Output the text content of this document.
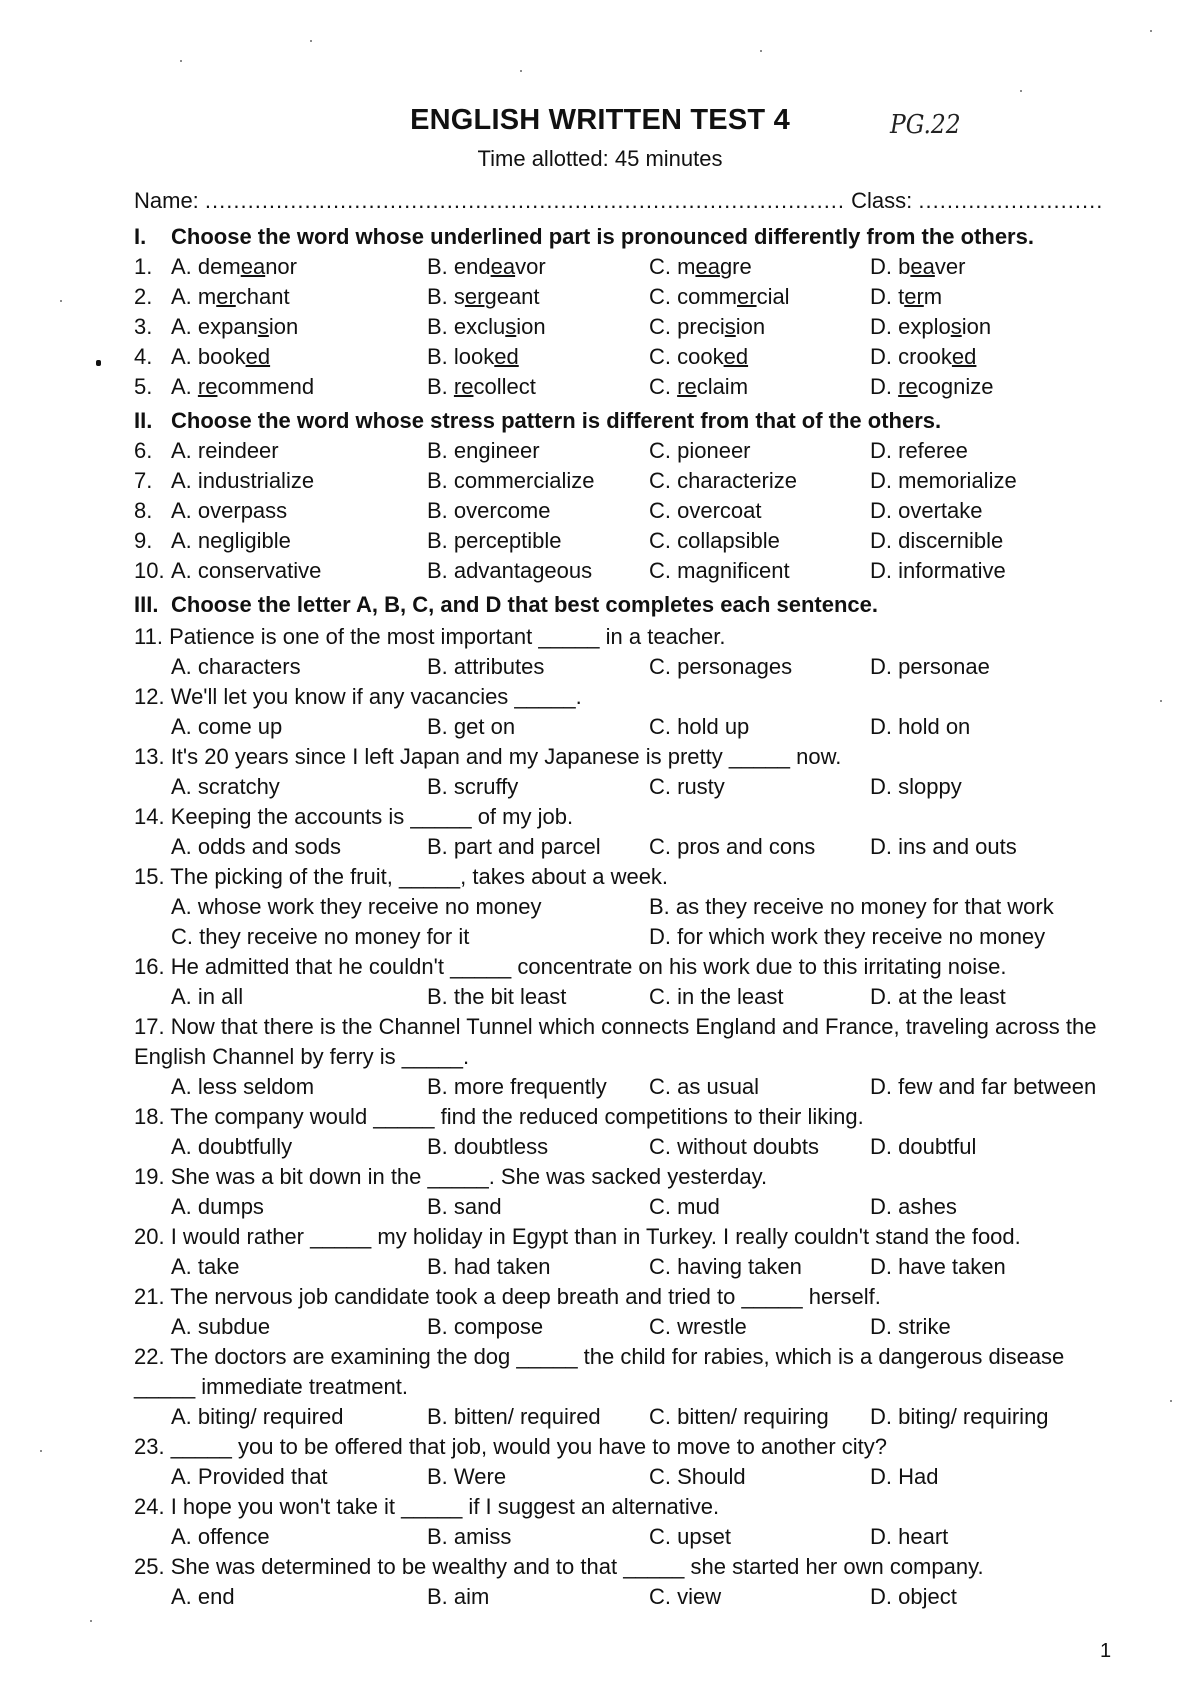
ENGLISH WRITTEN TEST 4	PG.22
Time allotted: 45 minutes
Name: .......................................................................................... Class: ..........................
I.	Choose the word whose underlined part is pronounced differently from the others.
1. A. demeanor	B. endeavor	C. meagre	D. beaver
2. A. merchant	B. sergeant	C. commercial	D. term
3. A. expansion	B. exclusion	C. precision	D. explosion
4. A. booked	B. looked	C. cooked	D. crooked
5. A. recommend	B. recollect	C. reclaim	D. recognize
II. Choose the word whose stress pattern is different from that of the others.
6. A. reindeer	B. engineer	C. pioneer	D. referee
7. A. industrialize	B. commercialize	C. characterize	D. memorialize
8. A. overpass	B. overcome	C. overcoat	D. overtake
9. A. negligible	B. perceptible	C. collapsible	D. discernible
10. A. conservative	B. advantageous	C. magnificent	D. informative
III. Choose the letter A, B, C, and D that best completes each sentence.
11. Patience is one of the most important _____ in a teacher.
A. characters	B. attributes	C. personages	D. personae
12. We'll let you know if any vacancies _____.
A. come up	B. get on	C. hold up	D. hold on
13. It's 20 years since I left Japan and my Japanese is pretty _____ now.
A. scratchy	B. scruffy	C. rusty	D. sloppy
14. Keeping the accounts is _____ of my job.
A. odds and sods	B. part and parcel	C. pros and cons	D. ins and outs
15. The picking of the fruit, _____, takes about a week.
A. whose work they receive no money	B. as they receive no money for that work
C. they receive no money for it	D. for which work they receive no money
16. He admitted that he couldn't _____ concentrate on his work due to this irritating noise.
A. in all	B. the bit least	C. in the least	D. at the least
17. Now that there is the Channel Tunnel which connects England and France, traveling across the
English Channel by ferry is _____.
A. less seldom	B. more frequently	C. as usual	D. few and far between
18. The company would _____ find the reduced competitions to their liking.
A. doubtfully	B. doubtless	C. without doubts	D. doubtful
19. She was a bit down in the _____. She was sacked yesterday.
A. dumps	B. sand	C. mud	D. ashes
20. I would rather _____ my holiday in Egypt than in Turkey. I really couldn't stand the food.
A. take	B. had taken	C. having taken	D. have taken
21. The nervous job candidate took a deep breath and tried to _____ herself.
A. subdue	B. compose	C. wrestle	D. strike
22. The doctors are examining the dog _____ the child for rabies, which is a dangerous disease
_____ immediate treatment.
A. biting/ required	B. bitten/ required	C. bitten/ requiring	D. biting/ requiring
23. _____ you to be offered that job, would you have to move to another city?
A. Provided that	B. Were	C. Should	D. Had
24. I hope you won't take it _____ if I suggest an alternative.
A. offence	B. amiss	C. upset	D. heart
25. She was determined to be wealthy and to that _____ she started her own company.
A. end	B. aim	C. view	D. object
1
